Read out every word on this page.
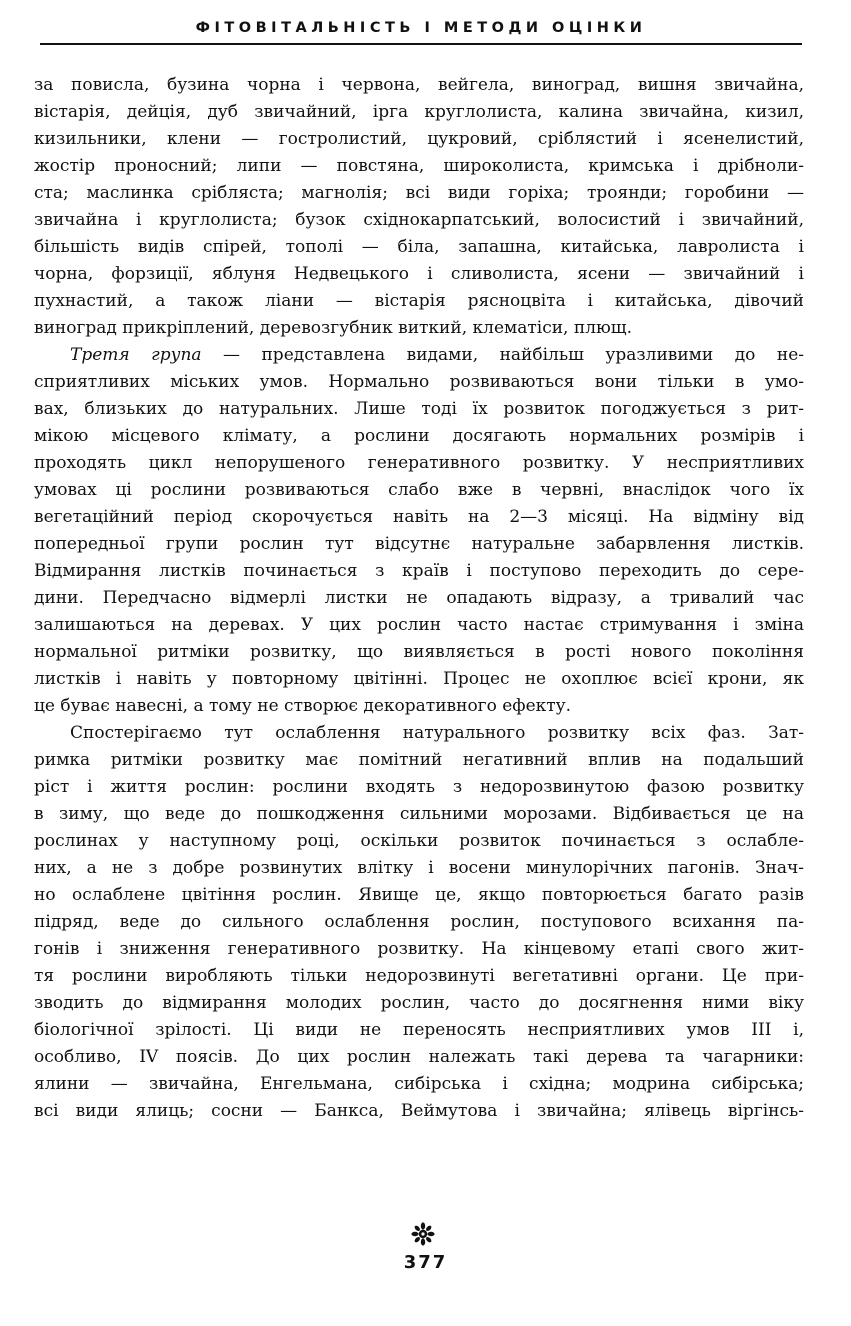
ФІТОВІТАЛЬНІСТЬ І МЕТОДИ ОЦІНКИ

за повисла, бузина чорна і червона, вейгела, виноград, вишня звичайна,
вістарія, дейція, дуб звичайний, ірга круглолиста, калина звичайна, кизил,
кизильники, клени — гостролистий, цукровий, сріблястий і ясенелистий,
жостір проносний; липи — повстяна, широколиста, кримська і дрібноли-
ста; маслинка срібляста; магнолія; всі види горіха; троянди; горобини —
звичайна і круглолиста; бузок східнокарпатський, волосистий і звичайний,
більшість видів спірей, тополі — біла, запашна, китайська, лавролиста і
чорна, форзиції, яблуня Недвецького і сливолиста, ясени — звичайний і
пухнастий, а також ліани — вістарія рясноцвіта і китайська, дівочий
виноград прикріплений, деревозгубник виткий, клематіси, плющ.

Третя група — представлена видами, найбільш уразливими до не-
сприятливих міських умов. Нормально розвиваються вони тільки в умо-
вах, близьких до натуральних. Лише тоді їх розвиток погоджується з рит-
мікою місцевого клімату, а рослини досягають нормальних розмірів і
проходять цикл непорушеного генеративного розвитку. У несприятливих
умовах ці рослини розвиваються слабо вже в червні, внаслідок чого їх
вегетаційний період скорочується навіть на 2—3 місяці. На відміну від
попередньої групи рослин тут відсутнє натуральне забарвлення листків.
Відмирання листків починається з країв і поступово переходить до сере-
дини. Передчасно відмерлі листки не опадають відразу, а тривалий час
залишаються на деревах. У цих рослин часто настає стримування і зміна
нормальної ритміки розвитку, що виявляється в рості нового покоління
листків і навіть у повторному цвітінні. Процес не охоплює всієї крони, як
це буває навесні, а тому не створює декоративного ефекту.

Спостерігаємо тут ослаблення натурального розвитку всіх фаз. Зат-
римка ритміки розвитку має помітний негативний вплив на подальший
ріст і життя рослин: рослини входять з недорозвинутою фазою розвитку
в зиму, що веде до пошкодження сильними морозами. Відбивається це на
рослинах у наступному році, оскільки розвиток починається з ослабле-
них, а не з добре розвинутих влітку і восени минулорічних пагонів. Знач-
но ослаблене цвітіння рослин. Явище це, якщо повторюється багато разів
підряд, веде до сильного ослаблення рослин, поступового всихання па-
гонів і зниження генеративного розвитку. На кінцевому етапі свого жит-
тя рослини виробляють тільки недорозвинуті вегетативні органи. Це при-
зводить до відмирання молодих рослин, часто до досягнення ними віку
біологічної зрілості. Ці види не переносять несприятливих умов III і,
особливо, IV поясів. До цих рослин належать такі дерева та чагарники:
ялини — звичайна, Енгельмана, сибірська і східна; модрина сибірська;
всі види ялиць; сосни — Банкса, Веймутова і звичайна; ялівець віргінсь-

377
